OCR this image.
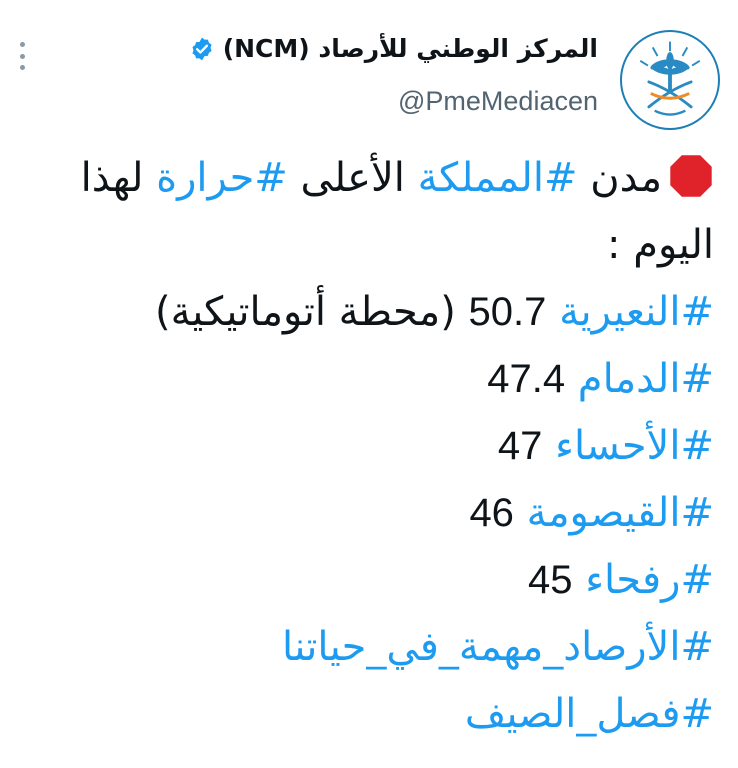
المركز الوطني للأرصاد (NCM)
@PmeMediacen
مدن #المملكة الأعلى #حرارة لهذا
اليوم :
#النعيرية 50.7 (محطة أتوماتيكية)
#الدمام 47.4
#الأحساء 47
#القيصومة 46
#رفحاء 45
#الأرصاد_مهمة_في_حياتنا
#فصل_الصيف
